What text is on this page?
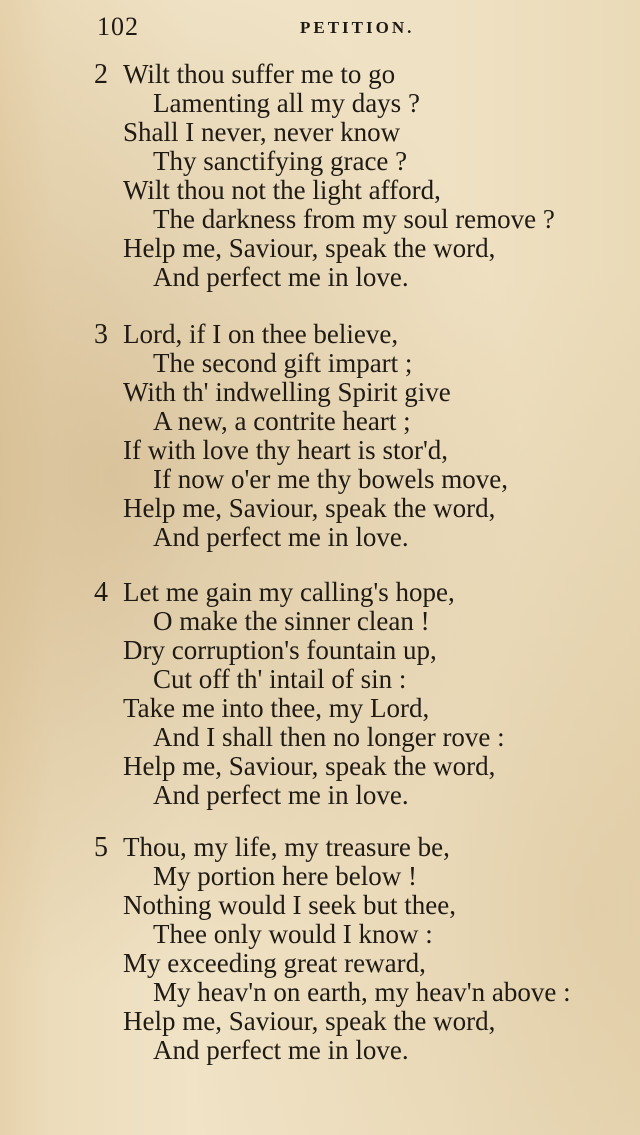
102	PETITION.
2 Wilt thou suffer me to go
Lamenting all my days ?
Shall I never, never know
Thy sanctifying grace ?
Wilt thou not the light afford,
The darkness from my soul remove ?
Help me, Saviour, speak the word,
And perfect me in love.
3 Lord, if I on thee believe,
The second gift impart ;
With th' indwelling Spirit give
A new, a contrite heart ;
If with love thy heart is stor'd,
If now o'er me thy bowels move,
Help me, Saviour, speak the word,
And perfect me in love.
4 Let me gain my calling's hope,
O make the sinner clean !
Dry corruption's fountain up,
Cut off th' intail of sin :
Take me into thee, my Lord,
And I shall then no longer rove :
Help me, Saviour, speak the word,
And perfect me in love.
5 Thou, my life, my treasure be,
My portion here below !
Nothing would I seek but thee,
Thee only would I know :
My exceeding great reward,
My heav'n on earth, my heav'n above :
Help me, Saviour, speak the word,
And perfect me in love.
